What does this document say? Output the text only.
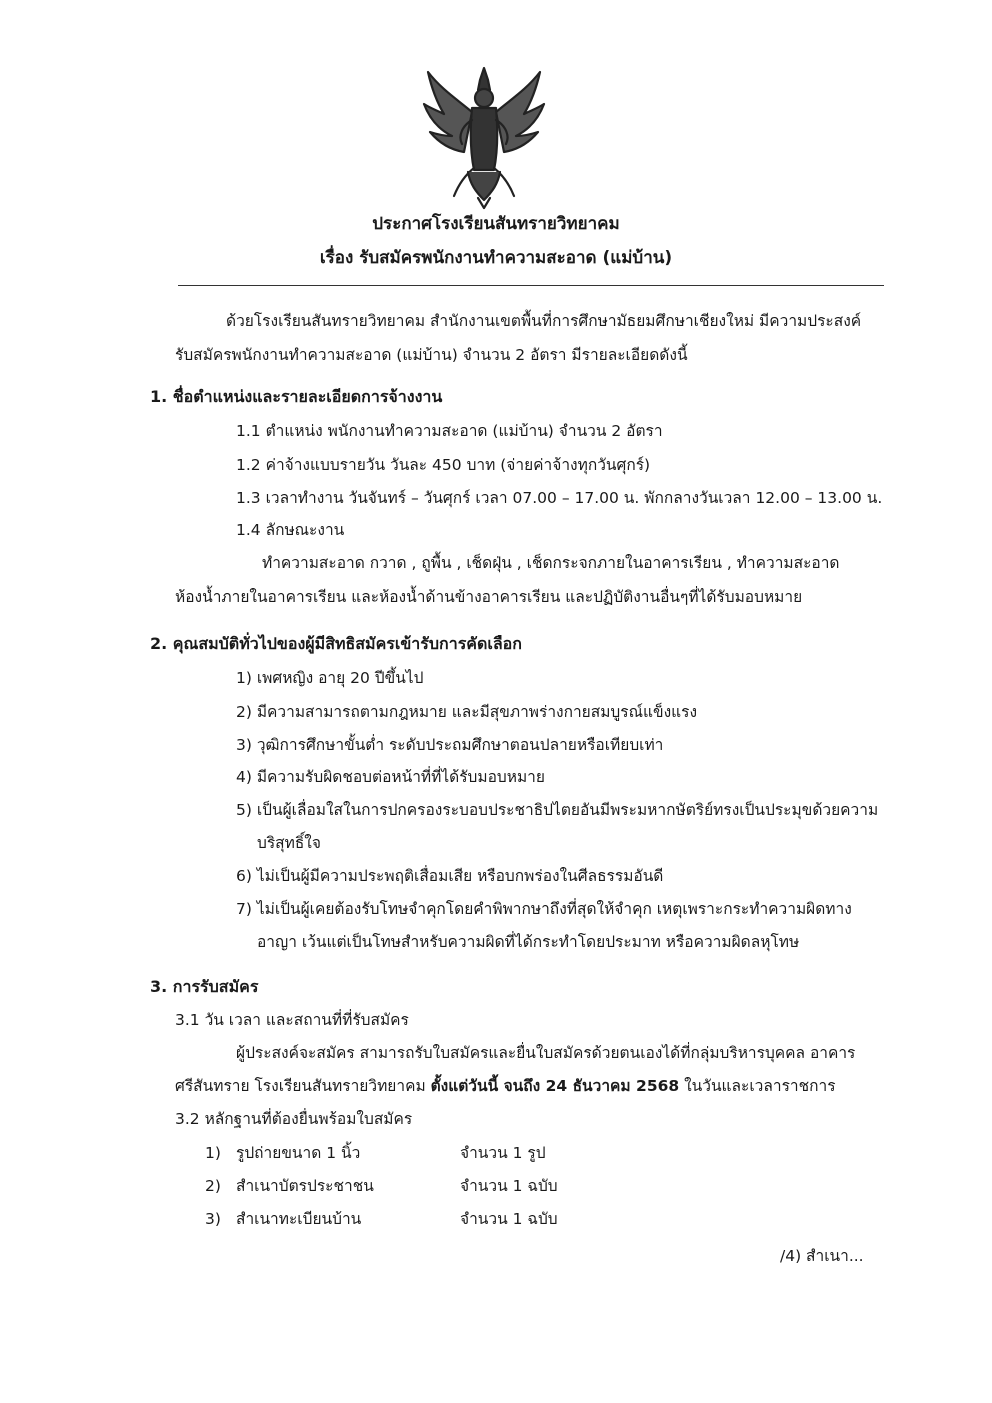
ประกาศโรงเรียนสันทรายวิทยาคม
เรื่อง รับสมัครพนักงานทำความสะอาด (แม่บ้าน)
ด้วยโรงเรียนสันทรายวิทยาคม สำนักงานเขตพื้นที่การศึกษามัธยมศึกษาเชียงใหม่ มีความประสงค์
รับสมัครพนักงานทำความสะอาด (แม่บ้าน) จำนวน 2 อัตรา มีรายละเอียดดังนี้
1. ชื่อตำแหน่งและรายละเอียดการจ้างงาน
1.1 ตำแหน่ง พนักงานทำความสะอาด (แม่บ้าน) จำนวน 2 อัตรา
1.2 ค่าจ้างแบบรายวัน วันละ 450 บาท (จ่ายค่าจ้างทุกวันศุกร์)
1.3 เวลาทำงาน วันจันทร์ – วันศุกร์ เวลา 07.00 – 17.00 น. พักกลางวันเวลา 12.00 – 13.00 น.
1.4 ลักษณะงาน
ทำความสะอาด กวาด , ถูพื้น , เช็ดฝุ่น , เช็ดกระจกภายในอาคารเรียน , ทำความสะอาด
ห้องน้ำภายในอาคารเรียน และห้องน้ำด้านข้างอาคารเรียน และปฏิบัติงานอื่นๆที่ได้รับมอบหมาย
2. คุณสมบัติทั่วไปของผู้มีสิทธิสมัครเข้ารับการคัดเลือก
1) เพศหญิง อายุ 20 ปีขึ้นไป
2) มีความสามารถตามกฎหมาย และมีสุขภาพร่างกายสมบูรณ์แข็งแรง
3) วุฒิการศึกษาขั้นต่ำ ระดับประถมศึกษาตอนปลายหรือเทียบเท่า
4) มีความรับผิดชอบต่อหน้าที่ที่ได้รับมอบหมาย
5) เป็นผู้เลื่อมใสในการปกครองระบอบประชาธิปไตยอันมีพระมหากษัตริย์ทรงเป็นประมุขด้วยความ
บริสุทธิ์ใจ
6) ไม่เป็นผู้มีความประพฤติเสื่อมเสีย หรือบกพร่องในศีลธรรมอันดี
7) ไม่เป็นผู้เคยต้องรับโทษจำคุกโดยคำพิพากษาถึงที่สุดให้จำคุก เหตุเพราะกระทำความผิดทาง
อาญา เว้นแต่เป็นโทษสำหรับความผิดที่ได้กระทำโดยประมาท หรือความผิดลหุโทษ
3. การรับสมัคร
3.1 วัน เวลา และสถานที่ที่รับสมัคร
ผู้ประสงค์จะสมัคร สามารถรับใบสมัครและยื่นใบสมัครด้วยตนเองได้ที่กลุ่มบริหารบุคคล อาคาร
ศรีสันทราย โรงเรียนสันทรายวิทยาคม ตั้งแต่วันนี้ จนถึง 24 ธันวาคม 2568 ในวันและเวลาราชการ
3.2 หลักฐานที่ต้องยื่นพร้อมใบสมัคร
1) รูปถ่ายขนาด 1 นิ้ว	จำนวน 1 รูป
2) สำเนาบัตรประชาชน	จำนวน 1 ฉบับ
3) สำเนาทะเบียนบ้าน	จำนวน 1 ฉบับ
/4) สำเนา...
